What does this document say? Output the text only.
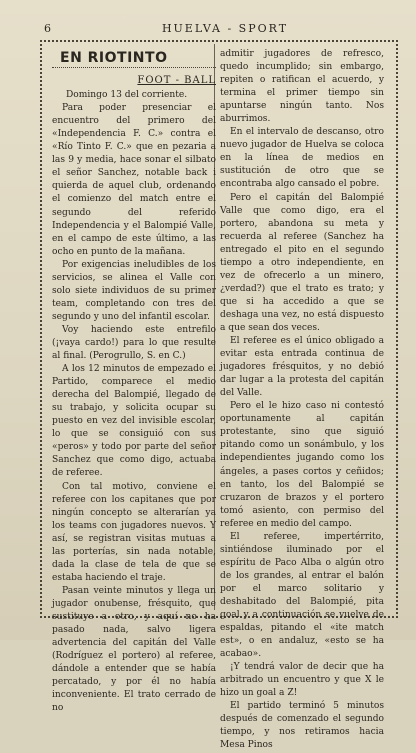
6	HUELVA - SPORT
EN RIOTINTO
FOOT - BALL

Domingo 13 del corriente.

Para poder presenciar el encuentro del primero del «Independencia F. C.» contra el «Río Tinto F. C.» que en pezaria a las 9 y media, hace sonar el silbato el señor Sanchez, notable back i quierda de aquel club, ordenando el comienzo del match entre el segundo del referido Independencia y el Balompié Valle, en el campo de este último, a las ocho en punto de la mañana.

Por exigencias ineludibles de los servicios, se alinea el Valle con solo siete individuos de su primer team, completando con tres del segundo y uno del infantil escolar.

Voy haciendo este entrefilo (¡vaya cardo!) para lo que resulte al final. (Perogrullo, S. en C.)

A los 12 minutos de empezado el Partido, comparece el medio derecha del Balompié, llegado de su trabajo, y solicita ocupar su puesto en vez del invisible escolar, lo que se consiguió con sus «peros» y todo por parte del señor Sanchez que como digo, actuaba de referee.

Con tal motivo, conviene el referee con los capitanes que por ningún concepto se alterarían ya los teams con jugadores nuevos. Y así, se registran visitas mutuas a las porterías, sin nada notable, dada la clase de tela de que se estaba haciendo el traje.

Pasan veinte minutos y llega un jugador onubense, frésquito, que sustituye a otro, y aquí no ha pasado nada, salvo ligera advertencia del capitán del Valle (Rodríguez el portero) al referee, dándole a entender que se había percatado, y por él no había inconveniente. El trato cerrado de no

admitir jugadores de refresco, quedo incumplido; sin embargo, repiten o ratifican el acuerdo, y termina el primer tiempo sin apuntarse ningún tanto. Nos aburrimos.

En el intervalo de descanso, otro nuevo jugador de Huelva se coloca en la línea de medios en sustitución de otro que se encontraba algo cansado el pobre.

Pero el capitán del Balompié Valle que como digo, era el portero, abandona su meta y recuerda al referee (Sanchez ha entregado el pito en el segundo tiempo a otro independiente, en vez de ofrecerlo a un minero, ¿verdad?) que el trato es trato; y que si ha accedido a que se deshaga una vez, no está dispuesto a que sean dos veces.

El referee es el único obligado a evitar esta entrada continua de jugadores frésquitos, y no debió dar lugar a la protesta del capitán del Valle.

Pero el le hizo caso ni contestó oportunamente al capitán protestante, sino que siguió pitando como un sonámbulo, y los independientes jugando como los ángeles, a pases cortos y ceñidos; en tanto, los del Balompié se cruzaron de brazos y el portero tomó asiento, con permiso del referee en medio del campo.

El referee, impertérrito, sintiéndose iluminado por el espíritu de Paco Alba o algún otro de los grandes, al entrar el balón por el marco solitario y deshabitado del Balompié, pita goal y a continuación se vuelve de espaldas, pitando el «ite match est», o en andaluz, «esto se ha acabao».

¡Y tendrá valor de decir que ha arbitrado un encuentro y que X le hizo un goal a Z!

El partido terminó 5 minutos después de comenzado el segundo tiempo, y nos retiramos hacia Mesa Pinos
